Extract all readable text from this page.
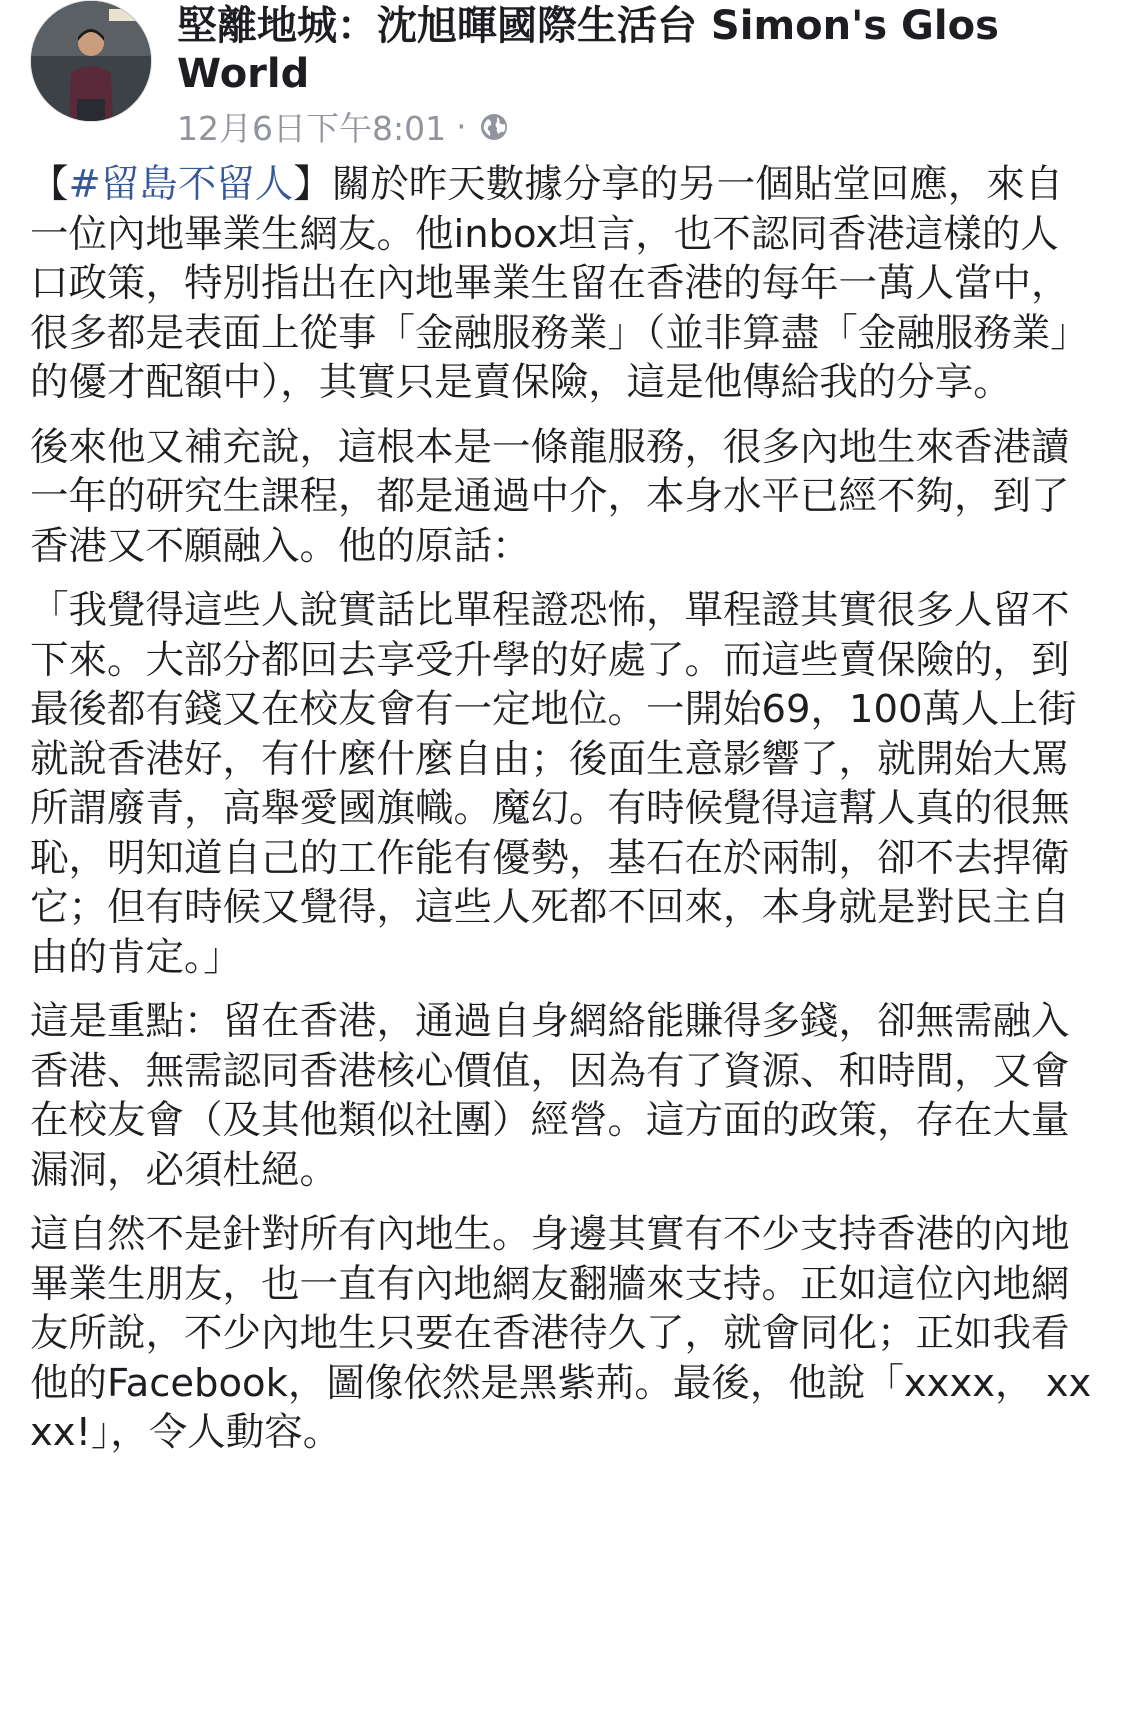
堅離地城：沈旭暉國際生活台 Simon's Glos World
12月6日下午8:01 ·

【#留島不留人】關於昨天數據分享的另一個貼堂回應，來自一位內地畢業生網友。他inbox坦言，也不認同香港這樣的人口政策，特別指出在內地畢業生留在香港的每年一萬人當中，很多都是表面上從事「金融服務業」（並非算盡「金融服務業」的優才配額中），其實只是賣保險，這是他傳給我的分享。

後來他又補充說，這根本是一條龍服務，很多內地生來香港讀一年的研究生課程，都是通過中介，本身水平已經不夠，到了香港又不願融入。他的原話：

「我覺得這些人說實話比單程證恐怖，單程證其實很多人留不下來。大部分都回去享受升學的好處了。而這些賣保險的，到最後都有錢又在校友會有一定地位。一開始69，100萬人上街 就說香港好，有什麼什麼自由；後面生意影響了，就開始大罵所謂廢青，高舉愛國旗幟。魔幻。有時候覺得這幫人真的很無恥，明知道自己的工作能有優勢，基石在於兩制，卻不去捍衛它；但有時候又覺得，這些人死都不回來，本身就是對民主自由的肯定。」

這是重點：留在香港，通過自身網絡能賺得多錢，卻無需融入香港、無需認同香港核心價值，因為有了資源、和時間，又會在校友會（及其他類似社團）經營。這方面的政策，存在大量漏洞，必須杜絕。

這自然不是針對所有內地生。身邊其實有不少支持香港的內地畢業生朋友，也一直有內地網友翻牆來支持。正如這位內地網友所說，不少內地生只要在香港待久了，就會同化；正如我看他的Facebook，圖像依然是黑紫荊。最後，他說「xxxx， xxxx!」，令人動容。
